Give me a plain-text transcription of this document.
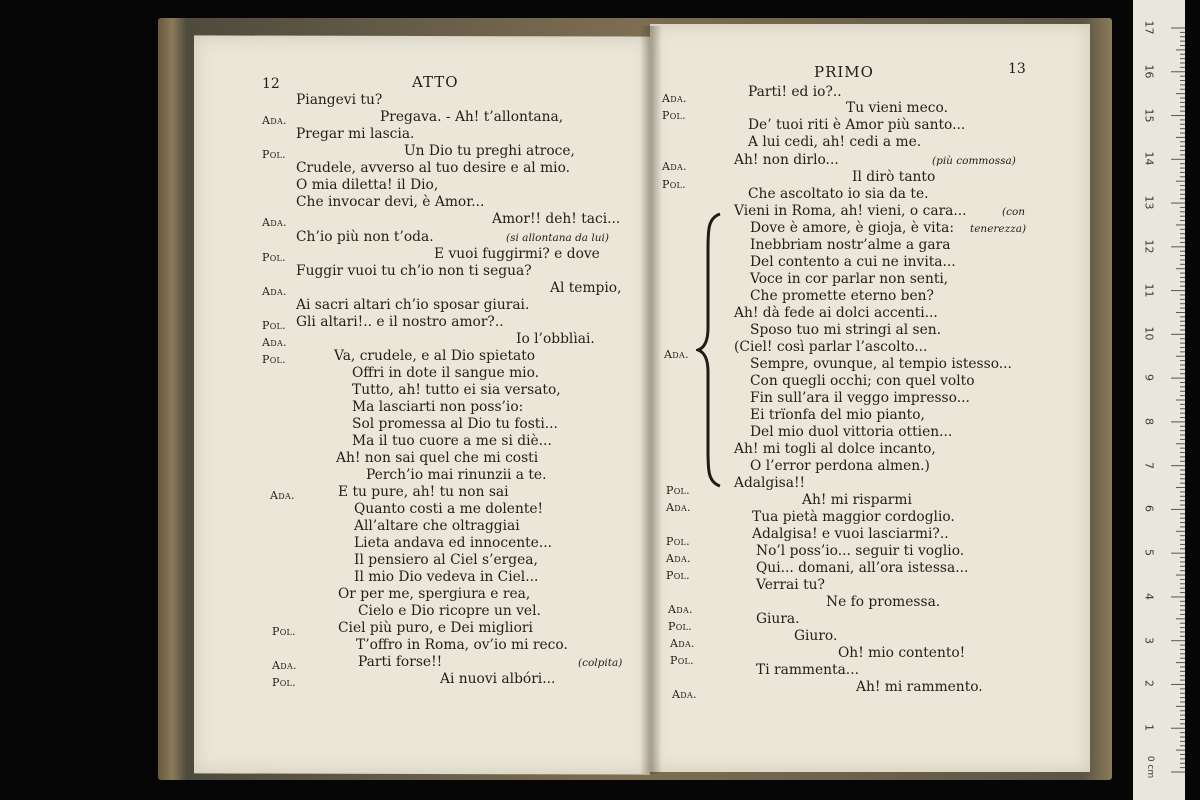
12	ATTO
Piangevi tu?
Ada.	Pregava. - Ah! t’allontana,
Pregar mi lascia.
Pol.	Un Dio tu preghi atroce,
Crudele, avverso al tuo desire e al mio.
O mia diletta! il Dio,
Che invocar devi, è Amor...
Ada.	Amor!! deh! taci...
Ch’io più non t’oda.	(si allontana da lui)
Pol.	E vuoi fuggirmi? e dove
Fuggir vuoi tu ch’io non ti segua?
Ada.	Al tempio,
Ai sacri altari ch’io sposar giurai.
Pol. Gli altari!.. e il nostro amor?..
Ada.	Io l’obblìai.
Pol.	Va, crudele, e al Dio spietato
Offri in dote il sangue mio.
Tutto, ah! tutto ei sia versato,
Ma lasciarti non poss’io:
Sol promessa al Dio tu fosti...
Ma il tuo cuore a me si diè...
Ah! non sai quel che mi costi
Perch’io mai rinunzii a te.
Ada.	E tu pure, ah! tu non sai
Quanto costi a me dolente!
All’altare che oltraggiai
Lieta andava ed innocente...
Il pensiero al Ciel s’ergea,
Il mio Dio vedeva in Ciel...
Or per me, spergiura e rea,
Cielo e Dio ricopre un vel.
Pol.	Ciel più puro, e Dei migliori
T’offro in Roma, ov’io mi reco.
Ada.	Parti forse!!	(colpita)
Pol.	Ai nuovi albóri...
PRIMO	13
Ada.	Parti! ed io?..
Pol.	Tu vieni meco.
De’ tuoi riti è Amor più santo...
A lui cedi, ah! cedi a me.
Ada.	Ah! non dirlo...	(più commossa)
Pol.	Il dirò tanto
Che ascoltato io sia da te.
Vieni in Roma, ah! vieni, o cara...	(con
Dove è amore, è gioja, è vita: tenerezza)
Inebbriam nostr’alme a gara
Del contento a cui ne invita...
Voce in cor parlar non senti,
Che promette eterno ben?
Ah! dà fede ai dolci accenti...
Sposo tuo mi stringi al sen.
Ada.	(Ciel! così parlar l’ascolto...
Sempre, ovunque, al tempio istesso...
Con quegli occhi; con quel volto
Fin sull’ara il veggo impresso...
Ei trïonfa del mio pianto,
Del mio duol vittoria ottien...
Ah! mi togli al dolce incanto,
O l’error perdona almen.)
Pol.	Adalgisa!!
Ada.	Ah! mi risparmi
Tua pietà maggior cordoglio.
Pol.	Adalgisa! e vuoi lasciarmi?..
Ada.	No’l poss’io... seguir ti voglio.
Pol.	Qui... domani, all’ora istessa...
Verrai tu?
Ada.	Ne fo promessa.
Pol.	Giura.
Ada.	Giuro.
Pol.	Oh! mio contento!
Ti rammenta...
Ada.	Ah! mi rammento.
17
16
15
14
13
12
11
10
9
8
7
6
5
4
3
2
1
0 cm
